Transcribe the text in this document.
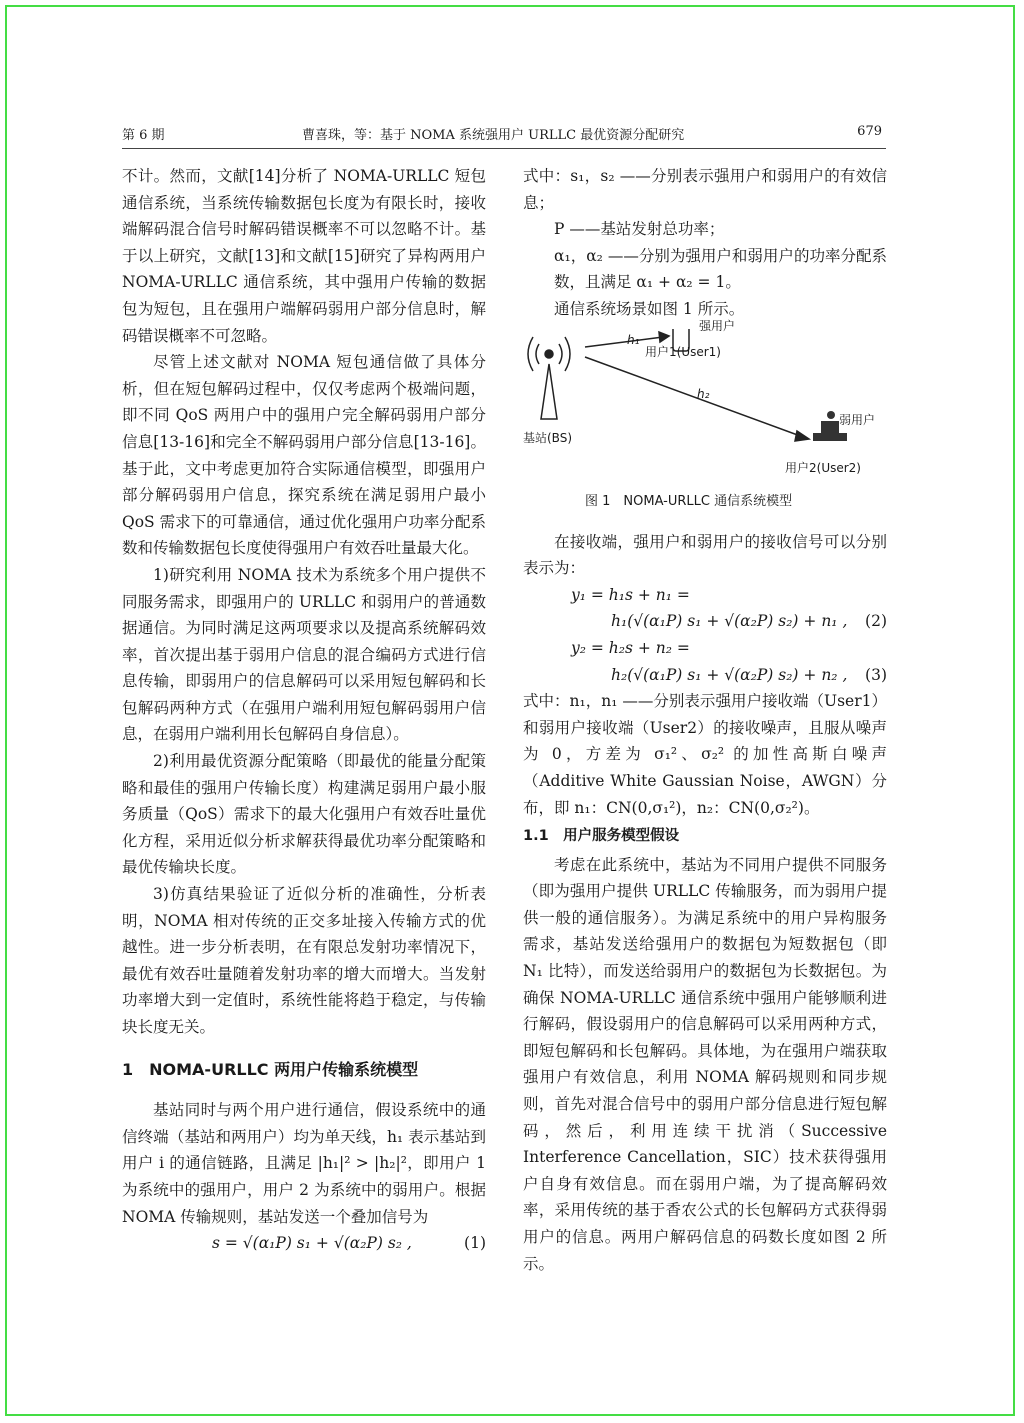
第 6 期	曹喜珠，等：基于 NOMA 系统强用户 URLLC 最优资源分配研究	679

不计。然而，文献[14]分析了 NOMA-URLLC 短包通信系统，当系统传输数据包长度为有限长时，接收端解码混合信号时解码错误概率不可以忽略不计。基于以上研究，文献[13]和文献[15]研究了异构两用户 NOMA-URLLC 通信系统，其中强用户传输的数据包为短包，且在强用户端解码弱用户部分信息时，解码错误概率不可忽略。

尽管上述文献对 NOMA 短包通信做了具体分析，但在短包解码过程中，仅仅考虑两个极端问题，即不同 QoS 两用户中的强用户完全解码弱用户部分信息[13-16]和完全不解码弱用户部分信息[13-16]。基于此，文中考虑更加符合实际通信模型，即强用户部分解码弱用户信息，探究系统在满足弱用户最小 QoS 需求下的可靠通信，通过优化强用户功率分配系数和传输数据包长度使得强用户有效吞吐量最大化。

1)研究利用 NOMA 技术为系统多个用户提供不同服务需求，即强用户的 URLLC 和弱用户的普通数据通信。为同时满足这两项要求以及提高系统解码效率，首次提出基于弱用户信息的混合编码方式进行信息传输，即弱用户的信息解码可以采用短包解码和长包解码两种方式（在强用户端利用短包解码弱用户信息，在弱用户端利用长包解码自身信息）。

2)利用最优资源分配策略（即最优的能量分配策略和最佳的强用户传输长度）构建满足弱用户最小服务质量（QoS）需求下的最大化强用户有效吞吐量优化方程，采用近似分析求解获得最优功率分配策略和最优传输块长度。

3)仿真结果验证了近似分析的准确性，分析表明，NOMA 相对传统的正交多址接入传输方式的优越性。进一步分析表明，在有限总发射功率情况下，最优有效吞吐量随着发射功率的增大而增大。当发射功率增大到一定值时，系统性能将趋于稳定，与传输块长度无关。

1　NOMA-URLLC 两用户传输系统模型

基站同时与两个用户进行通信，假设系统中的通信终端（基站和两用户）均为单天线，h₁ 表示基站到用户 i 的通信链路，且满足 |h₁|² > |h₂|²，即用户 1 为系统中的强用户，用户 2 为系统中的弱用户。根据 NOMA 传输规则，基站发送一个叠加信号为

s = √(α₁P) s₁ + √(α₂P) s₂ ,	(1)

式中：s₁，s₂ ——分别表示强用户和弱用户的有效信息；

P ——基站发射总功率；

α₁，α₂ ——分别为强用户和弱用户的功率分配系数，且满足 α₁ + α₂ = 1。

通信系统场景如图 1 所示。

h₁
强用户
用户1(User1)
h₂
弱用户
基站(BS)
用户2(User2)
图 1　NOMA-URLLC 通信系统模型

在接收端，强用户和弱用户的接收信号可以分别表示为：

y₁ = h₁s + n₁ =
h₁(√(α₁P) s₁ + √(α₂P) s₂) + n₁ , (2)
y₂ = h₂s + n₂ =
h₂(√(α₁P) s₁ + √(α₂P) s₂) + n₂ , (3)

式中：n₁，n₁ ——分别表示强用户接收端（User1）和弱用户接收端（User2）的接收噪声，且服从噪声为 0，方差为 σ₁²、σ₂² 的加性高斯白噪声（Additive White Gaussian Noise，AWGN）分布，即 n₁：CN(0,σ₁²)，n₂：CN(0,σ₂²)。

1.1　用户服务模型假设

考虑在此系统中，基站为不同用户提供不同服务（即为强用户提供 URLLC 传输服务，而为弱用户提供一般的通信服务）。为满足系统中的用户异构服务需求，基站发送给强用户的数据包为短数据包（即 N₁ 比特），而发送给弱用户的数据包为长数据包。为确保 NOMA-URLLC 通信系统中强用户能够顺利进行解码，假设弱用户的信息解码可以采用两种方式，即短包解码和长包解码。具体地，为在强用户端获取强用户有效信息，利用 NOMA 解码规则和同步规则，首先对混合信号中的弱用户部分信息进行短包解码，然后，利用连续干扰消（Successive Interference Cancellation，SIC）技术获得强用户自身有效信息。而在弱用户端，为了提高解码效率，采用传统的基于香农公式的长包解码方式获得弱用户的信息。两用户解码信息的码数长度如图 2 所示。
